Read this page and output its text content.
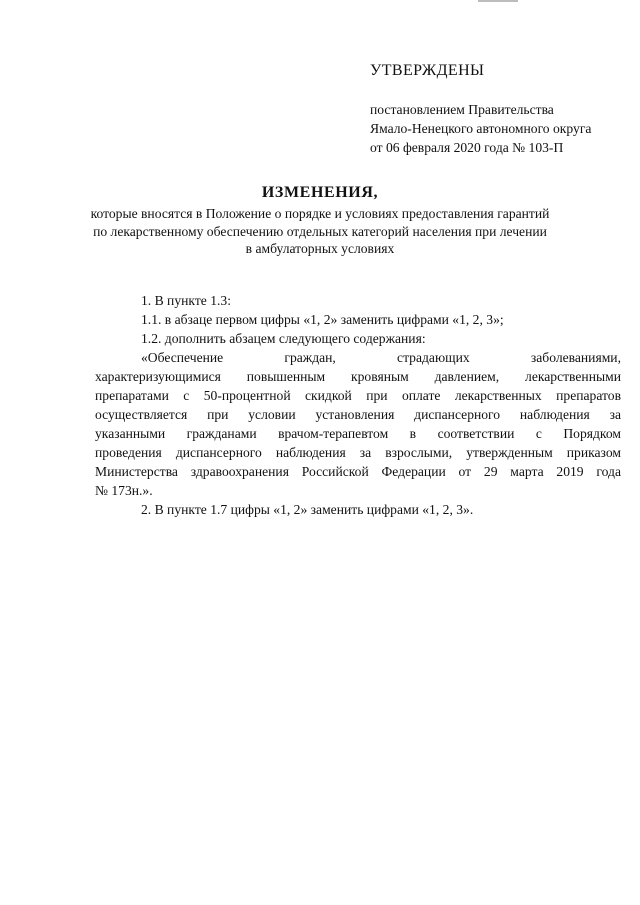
УТВЕРЖДЕНЫ
постановлением Правительства
Ямало-Ненецкого автономного округа
от 06 февраля 2020 года № 103-П
ИЗМЕНЕНИЯ,
которые вносятся в Положение о порядке и условиях предоставления гарантий
по лекарственному обеспечению отдельных категорий населения при лечении
в амбулаторных условиях
1. В пункте 1.3:
1.1. в абзаце первом цифры «1, 2» заменить цифрами «1, 2, 3»;
1.2. дополнить абзацем следующего содержания:
«Обеспечение граждан, страдающих заболеваниями,
характеризующимися повышенным кровяным давлением, лекарственными
препаратами с 50-процентной скидкой при оплате лекарственных препаратов
осуществляется при условии установления диспансерного наблюдения за
указанными гражданами врачом-терапевтом в соответствии с Порядком
проведения диспансерного наблюдения за взрослыми, утвержденным приказом
Министерства здравоохранения Российской Федерации от 29 марта 2019 года
№ 173н.».
2. В пункте 1.7 цифры «1, 2» заменить цифрами «1, 2, 3».
